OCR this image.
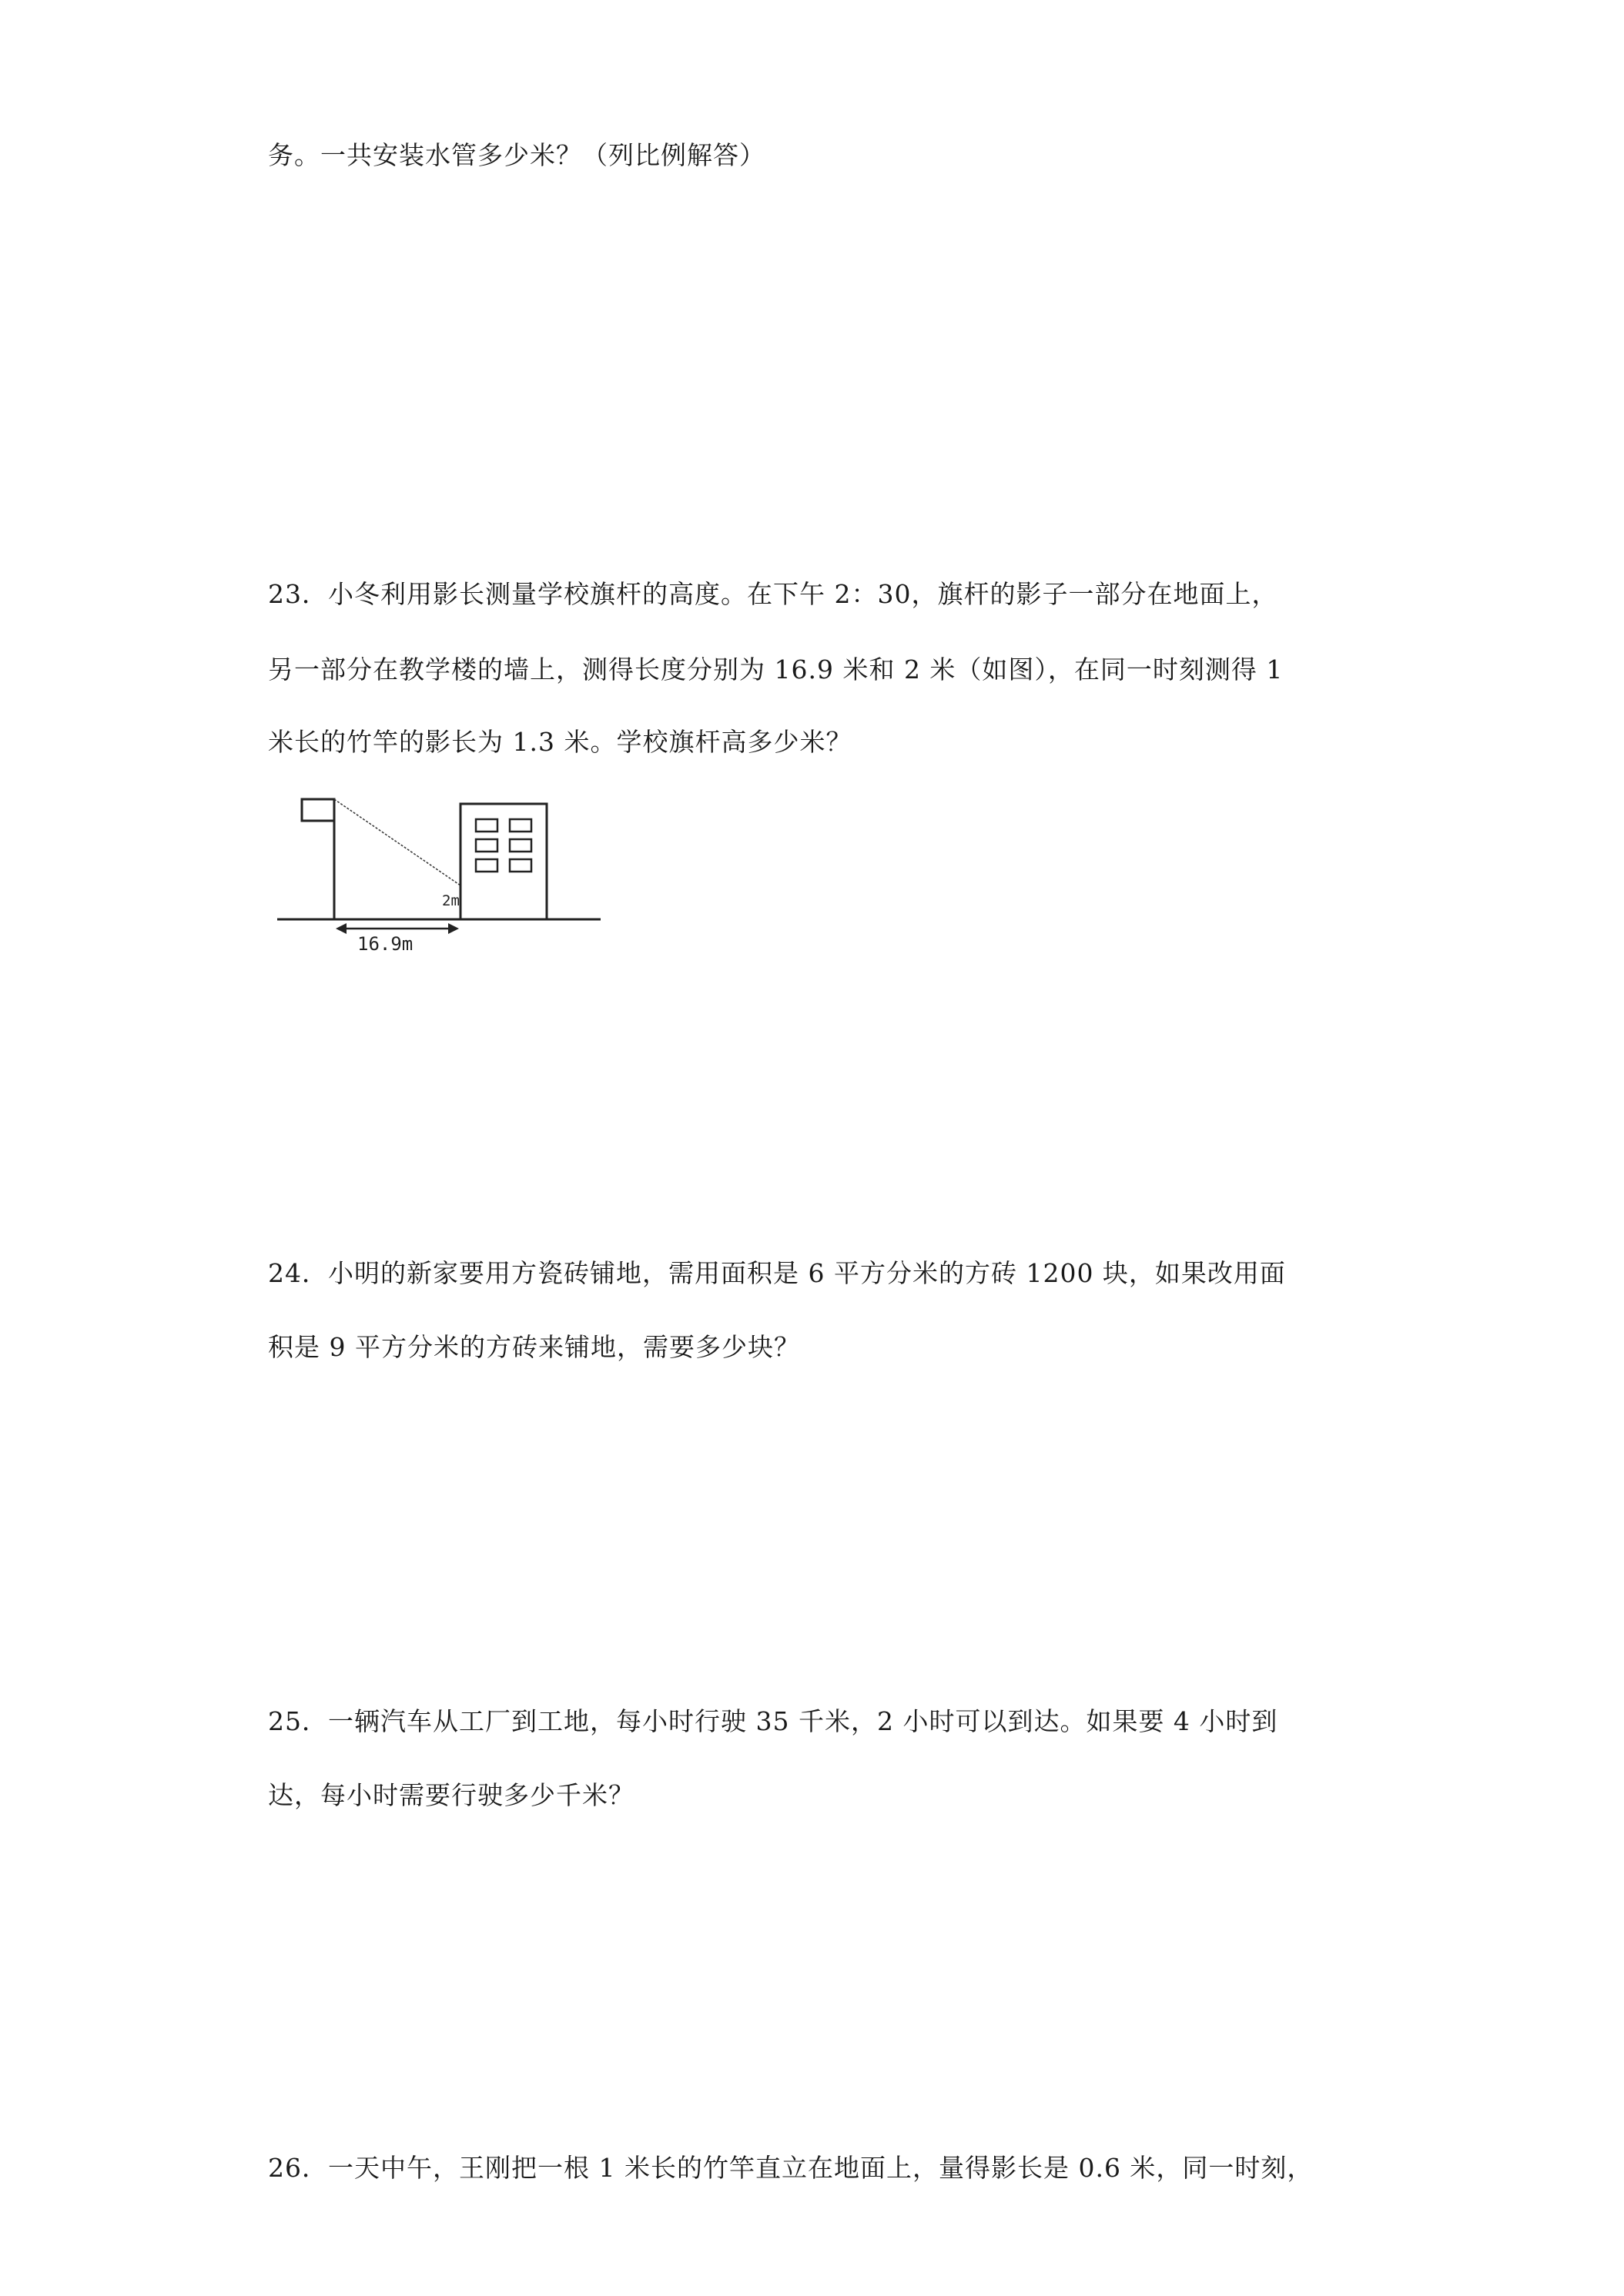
务。一共安装水管多少米？（列比例解答）
23．小冬利用影长测量学校旗杆的高度。在下午 2：30，旗杆的影子一部分在地面上，
另一部分在教学楼的墙上，测得长度分别为 16.9 米和 2 米（如图），在同一时刻测得 1
米长的竹竿的影长为 1.3 米。学校旗杆高多少米？
2m
16.9m
24．小明的新家要用方瓷砖铺地，需用面积是 6 平方分米的方砖 1200 块，如果改用面
积是 9 平方分米的方砖来铺地，需要多少块？
25．一辆汽车从工厂到工地，每小时行驶 35 千米，2 小时可以到达。如果要 4 小时到
达，每小时需要行驶多少千米？
26．一天中午，王刚把一根 1 米长的竹竿直立在地面上，量得影长是 0.6 米，同一时刻，
